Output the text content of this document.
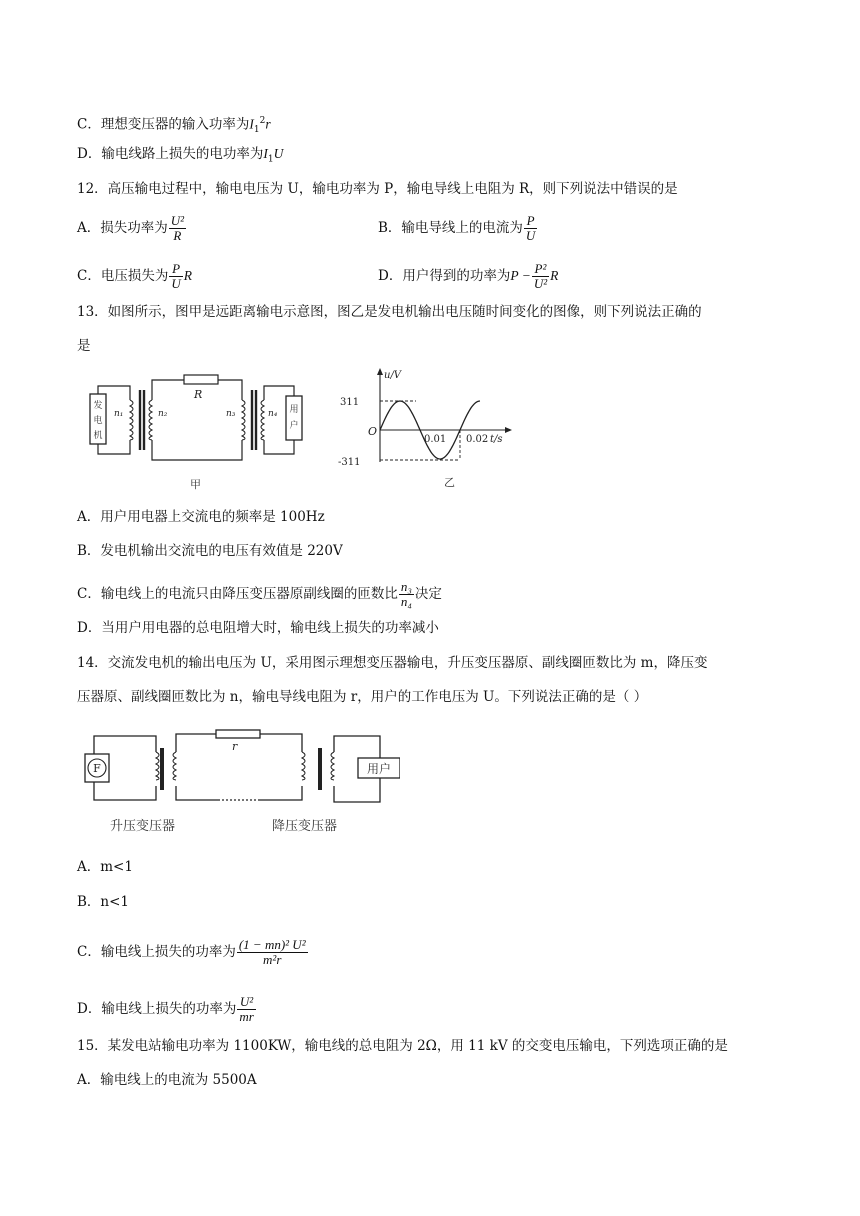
C．理想变压器的输入功率为$I_1^2r$
D．输电线路上损失的电功率为$I_1U$
12．高压输电过程中，输电电压为 U，输电功率为 P，输电导线上电阻为 R，则下列说法中错误的是
A．损失功率为 $\frac{\text{U²}}{R}$	B．输电导线上的电流为 $\frac{P}{U}$
C．电压损失为 $\frac{P}{U}$ R	D．用户得到的功率为$P - \frac{\text{P²}}{\text{U²}}$ R
13．如图所示，图甲是远距离输电示意图，图乙是发电机输出电压随时间变化的图像，则下列说法正确的
是
发
电
机
n₁	n₂
R
n₃	n₄ 用
户
甲
u/V
t/s
O
311
-311
0.01 0.02
乙
A．用户用电器上交流电的频率是 100Hz
B．发电机输出交流电的电压有效值是 220V
C．输电线上的电流只由降压变压器原副线圈的匝数比 $\frac{\text{n₃}}{\text{n₄}}$ 决定
D．当用户用电器的总电阻增大时，输电线上损失的功率减小
14．交流发电机的输出电压为 U，采用图示理想变压器输电，升压变压器原、副线圈匝数比为 m，降压变
压器原、副线圈匝数比为 n，输电导线电阻为 r，用户的工作电压为 U。下列说法正确的是（ ）
F
r
用户
升压变压器	降压变压器
A．m<1
B．n<1
C．输电线上损失的功率为 $\frac{\text{(1 − mn)² U²}}{\text{m²r}}$
D．输电线上损失的功率为 $\frac{\text{U²}}{mr}$
15．某发电站输电功率为 1100KW，输电线的总电阻为 2Ω，用 11 kV 的交变电压输电，下列选项正确的是
A．输电线上的电流为 5500A
